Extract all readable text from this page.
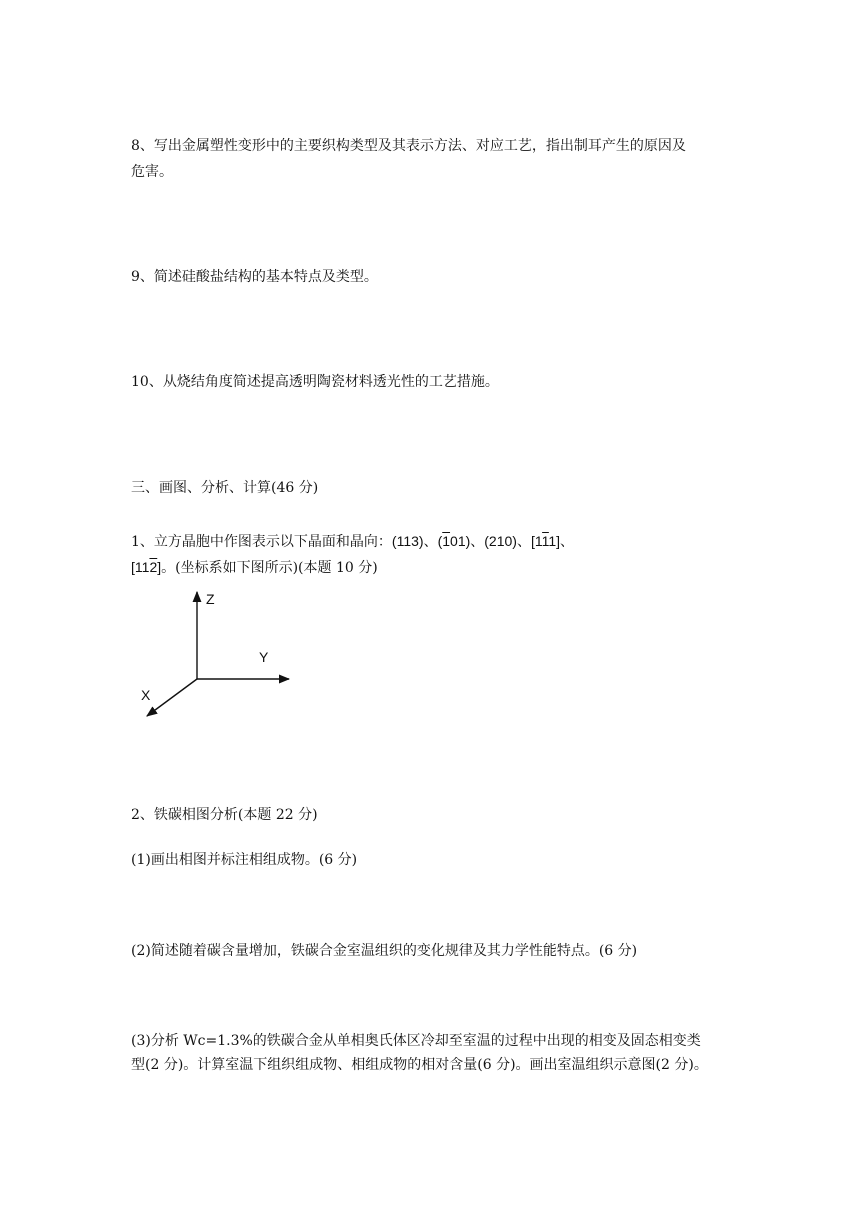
8、写出金属塑性变形中的主要织构类型及其表示方法、对应工艺，指出制耳产生的原因及
危害。
9、简述硅酸盐结构的基本特点及类型。
10、从烧结角度简述提高透明陶瓷材料透光性的工艺措施。
三、画图、分析、计算(46 分)
1、立方晶胞中作图表示以下晶面和晶向：(113)、(101)、(210)、[111]、
[112]。(坐标系如下图所示)(本题 10 分)
Z
Y
X
2、铁碳相图分析(本题 22 分)
(1)画出相图并标注相组成物。(6 分)
(2)简述随着碳含量增加，铁碳合金室温组织的变化规律及其力学性能特点。(6 分)
(3)分析 Wc=1.3%的铁碳合金从单相奥氏体区冷却至室温的过程中出现的相变及固态相变类
型(2 分)。计算室温下组织组成物、相组成物的相对含量(6 分)。画出室温组织示意图(2 分)。
